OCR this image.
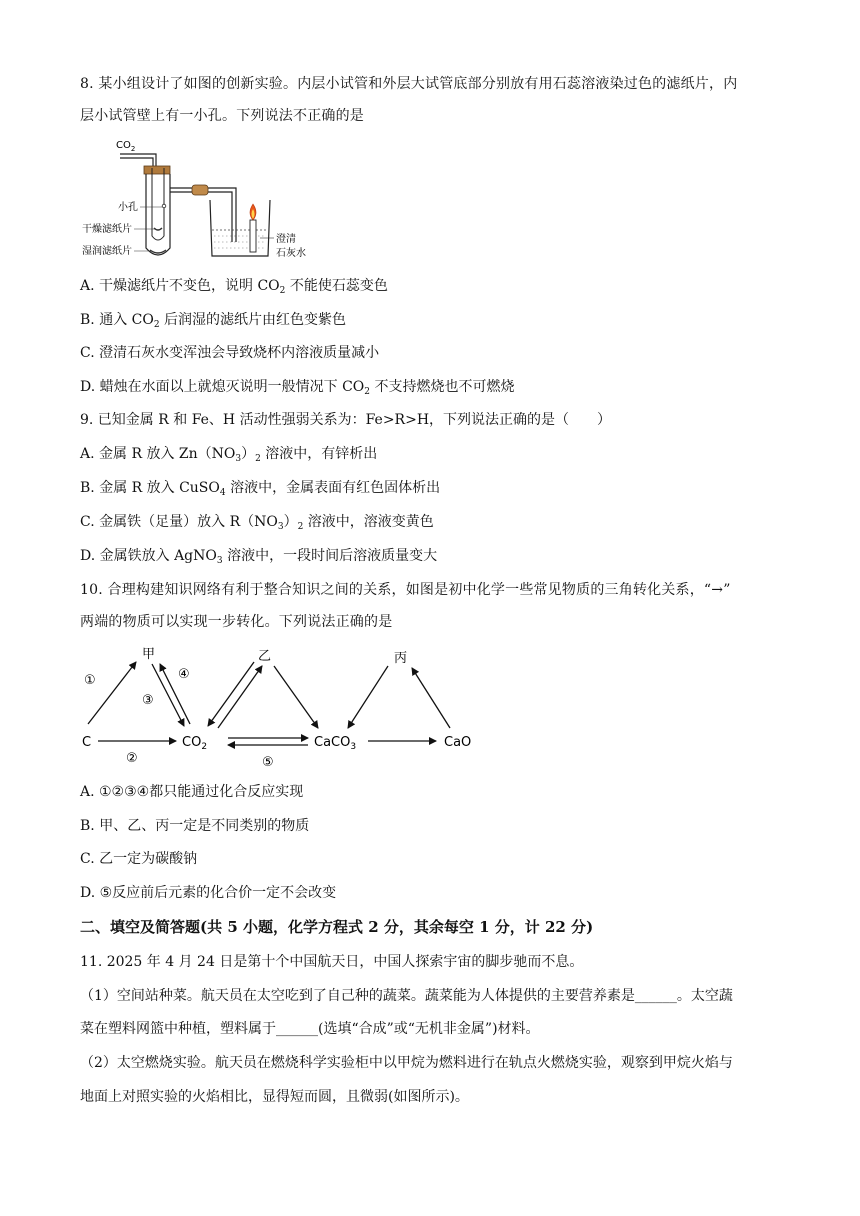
8. 某小组设计了如图的创新实验。内层小试管和外层大试管底部分别放有用石蕊溶液染过色的滤纸片，内
层小试管壁上有一小孔。下列说法不正确的是
$CO_2$
小孔
干燥滤纸片
湿润滤纸片
澄清
石灰水
A. 干燥滤纸片不变色，说明 $CO_2$ 不能使石蕊变色
B. 通入 $CO_2$ 后润湿的滤纸片由红色变紫色
C. 澄清石灰水变浑浊会导致烧杯内溶液质量减小
D. 蜡烛在水面以上就熄灭说明一般情况下 $CO_2$ 不支持燃烧也不可燃烧
9. 已知金属 R 和 Fe、H 活动性强弱关系为：Fe>R>H，下列说法正确的是（　　）
A. 金属 R 放入 $Zn(NO_3)_2$ 溶液中，有锌析出
B. 金属 R 放入 CuSO$_4$ 溶液中，金属表面有红色固体析出
C. 金属铁（足量）放入 $R(NO_3)_2$ 溶液中，溶液变黄色
D. 金属铁放入 AgNO$_3$ 溶液中，一段时间后溶液质量变大
10. 合理构建知识网络有利于整合知识之间的关系，如图是初中化学一些常见物质的三角转化关系，“→”
两端的物质可以实现一步转化。下列说法正确的是
甲	乙	丙
C	$CO_2$	CaCO$_3$	CaO
①
②
③
④
⑤
A. ①②③④都只能通过化合反应实现
B. 甲、乙、丙一定是不同类别的物质
C. 乙一定为碳酸钠
D. ⑤反应前后元素的化合价一定不会改变
二、填空及简答题(共 5 小题，化学方程式 2 分，其余每空 1 分，计 22 分)
11. 2025 年 4 月 24 日是第十个中国航天日，中国人探索宇宙的脚步驰而不息。
（1）空间站种菜。航天员在太空吃到了自己种的蔬菜。蔬菜能为人体提供的主要营养素是______。太空蔬
菜在塑料网篮中种植，塑料属于______(选填“合成”或“无机非金属”)材料。
（2）太空燃烧实验。航天员在燃烧科学实验柜中以甲烷为燃料进行在轨点火燃烧实验，观察到甲烷火焰与
地面上对照实验的火焰相比，显得短而圆，且微弱(如图所示)。
